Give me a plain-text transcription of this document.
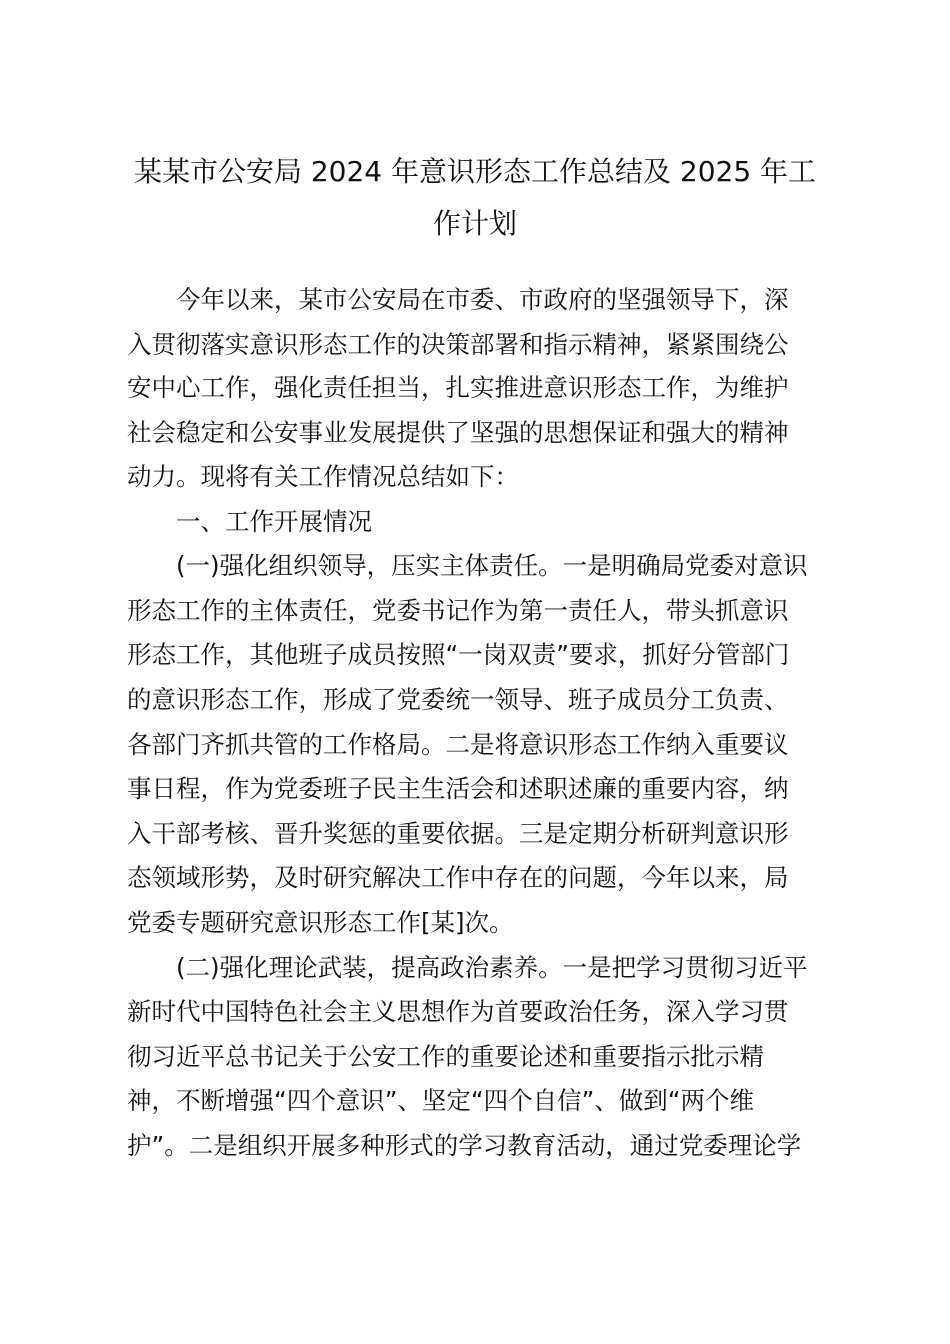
某某市公安局 2024 年意识形态工作总结及 2025 年工
作计划
今年以来，某市公安局在市委、市政府的坚强领导下，深
入贯彻落实意识形态工作的决策部署和指示精神，紧紧围绕公
安中心工作，强化责任担当，扎实推进意识形态工作，为维护
社会稳定和公安事业发展提供了坚强的思想保证和强大的精神
动力。现将有关工作情况总结如下：
一、工作开展情况
(一)强化组织领导，压实主体责任。一是明确局党委对意识
形态工作的主体责任，党委书记作为第一责任人，带头抓意识
形态工作，其他班子成员按照“一岗双责”要求，抓好分管部门
的意识形态工作，形成了党委统一领导、班子成员分工负责、
各部门齐抓共管的工作格局。二是将意识形态工作纳入重要议
事日程，作为党委班子民主生活会和述职述廉的重要内容，纳
入干部考核、晋升奖惩的重要依据。三是定期分析研判意识形
态领域形势，及时研究解决工作中存在的问题，今年以来，局
党委专题研究意识形态工作[某]次。
(二)强化理论武装，提高政治素养。一是把学习贯彻习近平
新时代中国特色社会主义思想作为首要政治任务，深入学习贯
彻习近平总书记关于公安工作的重要论述和重要指示批示精
神，不断增强“四个意识”、坚定“四个自信”、做到“两个维
护”。二是组织开展多种形式的学习教育活动，通过党委理论学
